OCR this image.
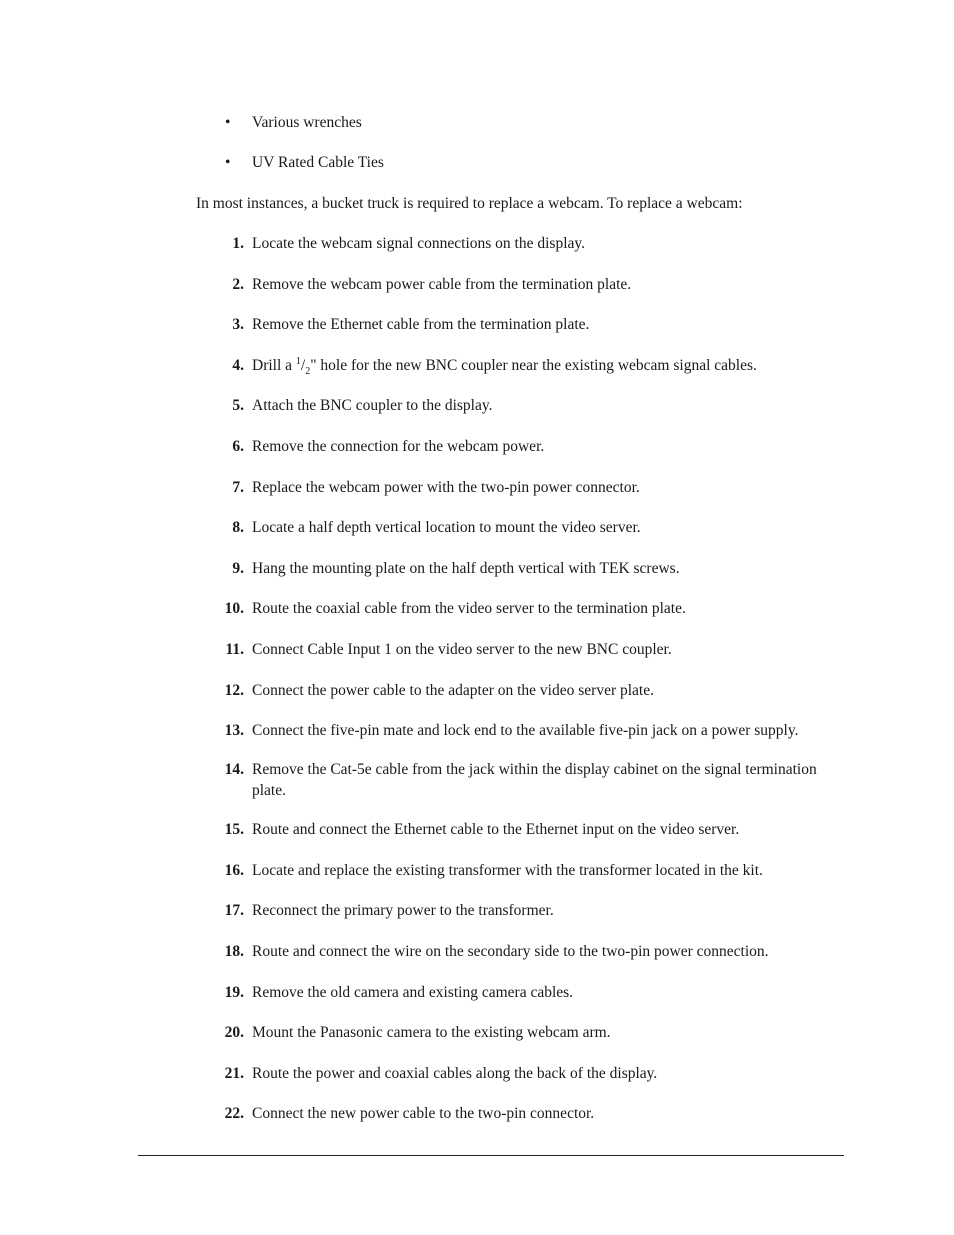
• Various wrenches
• UV Rated Cable Ties

In most instances, a bucket truck is required to replace a webcam. To replace a webcam:

1. Locate the webcam signal connections on the display.
2. Remove the webcam power cable from the termination plate.
3. Remove the Ethernet cable from the termination plate.
4. Drill a $^1/_2$" hole for the new BNC coupler near the existing webcam signal cables.
5. Attach the BNC coupler to the display.
6. Remove the connection for the webcam power.
7. Replace the webcam power with the two-pin power connector.
8. Locate a half depth vertical location to mount the video server.
9. Hang the mounting plate on the half depth vertical with TEK screws.
10. Route the coaxial cable from the video server to the termination plate.
11. Connect Cable Input 1 on the video server to the new BNC coupler.
12. Connect the power cable to the adapter on the video server plate.
13. Connect the five-pin mate and lock end to the available five-pin jack on a power supply.
14. Remove the Cat-5e cable from the jack within the display cabinet on the signal termination plate.
15. Route and connect the Ethernet cable to the Ethernet input on the video server.
16. Locate and replace the existing transformer with the transformer located in the kit.
17. Reconnect the primary power to the transformer.
18. Route and connect the wire on the secondary side to the two-pin power connection.
19. Remove the old camera and existing camera cables.
20. Mount the Panasonic camera to the existing webcam arm.
21. Route the power and coaxial cables along the back of the display.
22. Connect the new power cable to the two-pin connector.
